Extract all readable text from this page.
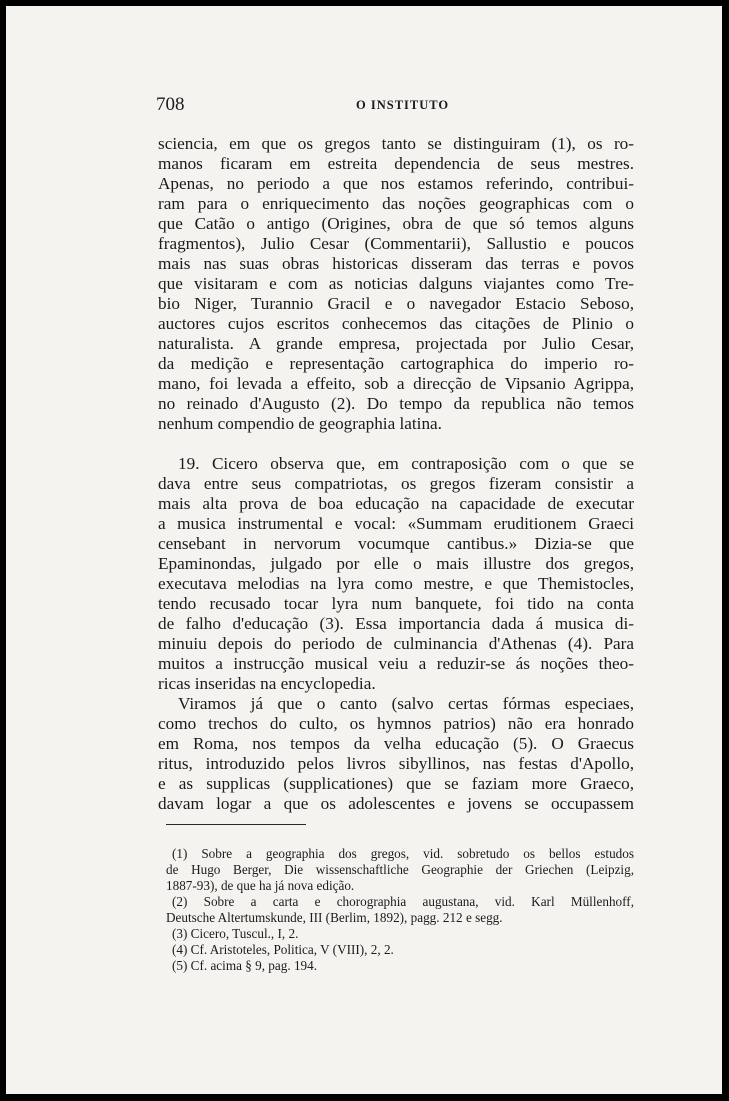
708	O INSTITUTO
sciencia, em que os gregos tanto se distinguiram (1), os ro-
manos ficaram em estreita dependencia de seus mestres.
Apenas, no periodo a que nos estamos referindo, contribui-
ram para o enriquecimento das noções geographicas com o
que Catão o antigo (Origines, obra de que só temos alguns
fragmentos), Julio Cesar (Commentarii), Sallustio e poucos
mais nas suas obras historicas disseram das terras e povos
que visitaram e com as noticias dalguns viajantes como Tre-
bio Niger, Turannio Gracil e o navegador Estacio Seboso,
auctores cujos escritos conhecemos das citações de Plinio o
naturalista. A grande empresa, projectada por Julio Cesar,
da medição e representação cartographica do imperio ro-
mano, foi levada a effeito, sob a direcção de Vipsanio Agrippa,
no reinado d'Augusto (2). Do tempo da republica não temos
nenhum compendio de geographia latina.
19. Cicero observa que, em contraposição com o que se
dava entre seus compatriotas, os gregos fizeram consistir a
mais alta prova de boa educação na capacidade de executar
a musica instrumental e vocal: «Summam eruditionem Graeci
censebant in nervorum vocumque cantibus.» Dizia-se que
Epaminondas, julgado por elle o mais illustre dos gregos,
executava melodias na lyra como mestre, e que Themistocles,
tendo recusado tocar lyra num banquete, foi tido na conta
de falho d'educação (3). Essa importancia dada á musica di-
minuiu depois do periodo de culminancia d'Athenas (4). Para
muitos a instrucção musical veiu a reduzir-se ás noções theo-
ricas inseridas na encyclopedia.
Viramos já que o canto (salvo certas fórmas especiaes,
como trechos do culto, os hymnos patrios) não era honrado
em Roma, nos tempos da velha educação (5). O Graecus
ritus, introduzido pelos livros sibyllinos, nas festas d'Apollo,
e as supplicas (supplicationes) que se faziam more Graeco,
davam logar a que os adolescentes e jovens se occupassem
(1) Sobre a geographia dos gregos, vid. sobretudo os bellos estudos
de Hugo Berger, Die wissenschaftliche Geographie der Griechen (Leipzig,
1887-93), de que ha já nova edição.
(2) Sobre a carta e chorographia augustana, vid. Karl Müllenhoff,
Deutsche Altertumskunde, III (Berlim, 1892), pagg. 212 e segg.
(3) Cicero, Tuscul., I, 2.
(4) Cf. Aristoteles, Politica, V (VIII), 2, 2.
(5) Cf. acima § 9, pag. 194.
